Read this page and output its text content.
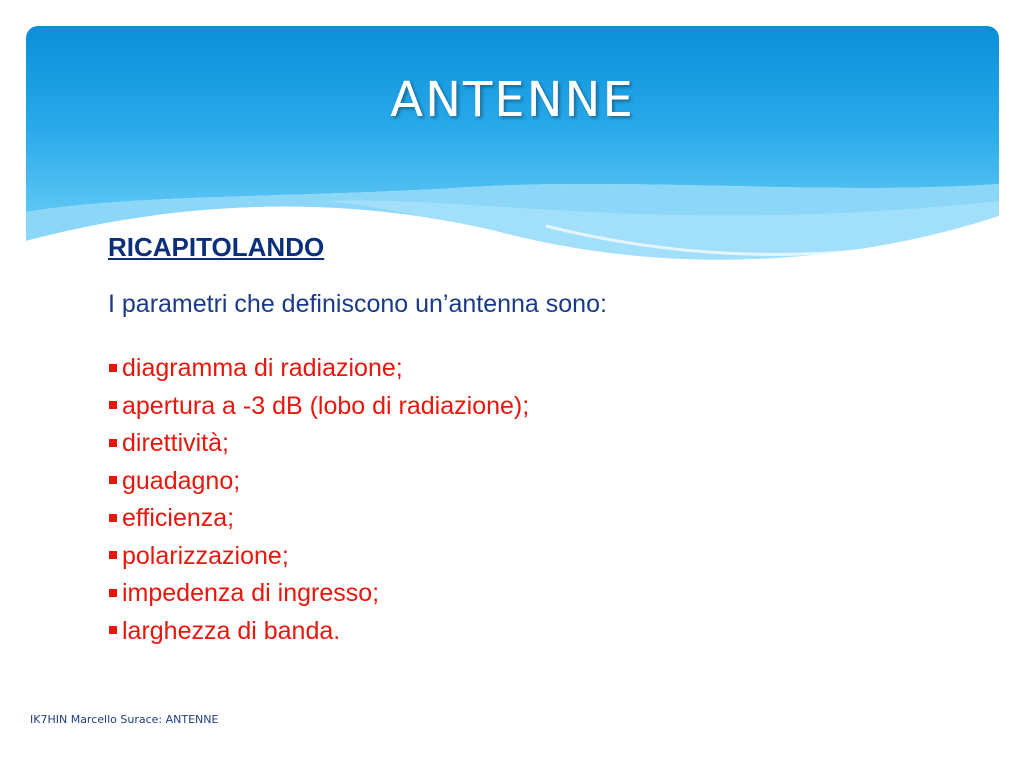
ANTENNE
RICAPITOLANDO
I parametri che definiscono un’antenna sono:
diagramma di radiazione;
apertura a -3 dB (lobo di radiazione);
direttività;
guadagno;
efficienza;
polarizzazione;
impedenza di ingresso;
larghezza di banda.
IK7HIN Marcello Surace: ANTENNE
